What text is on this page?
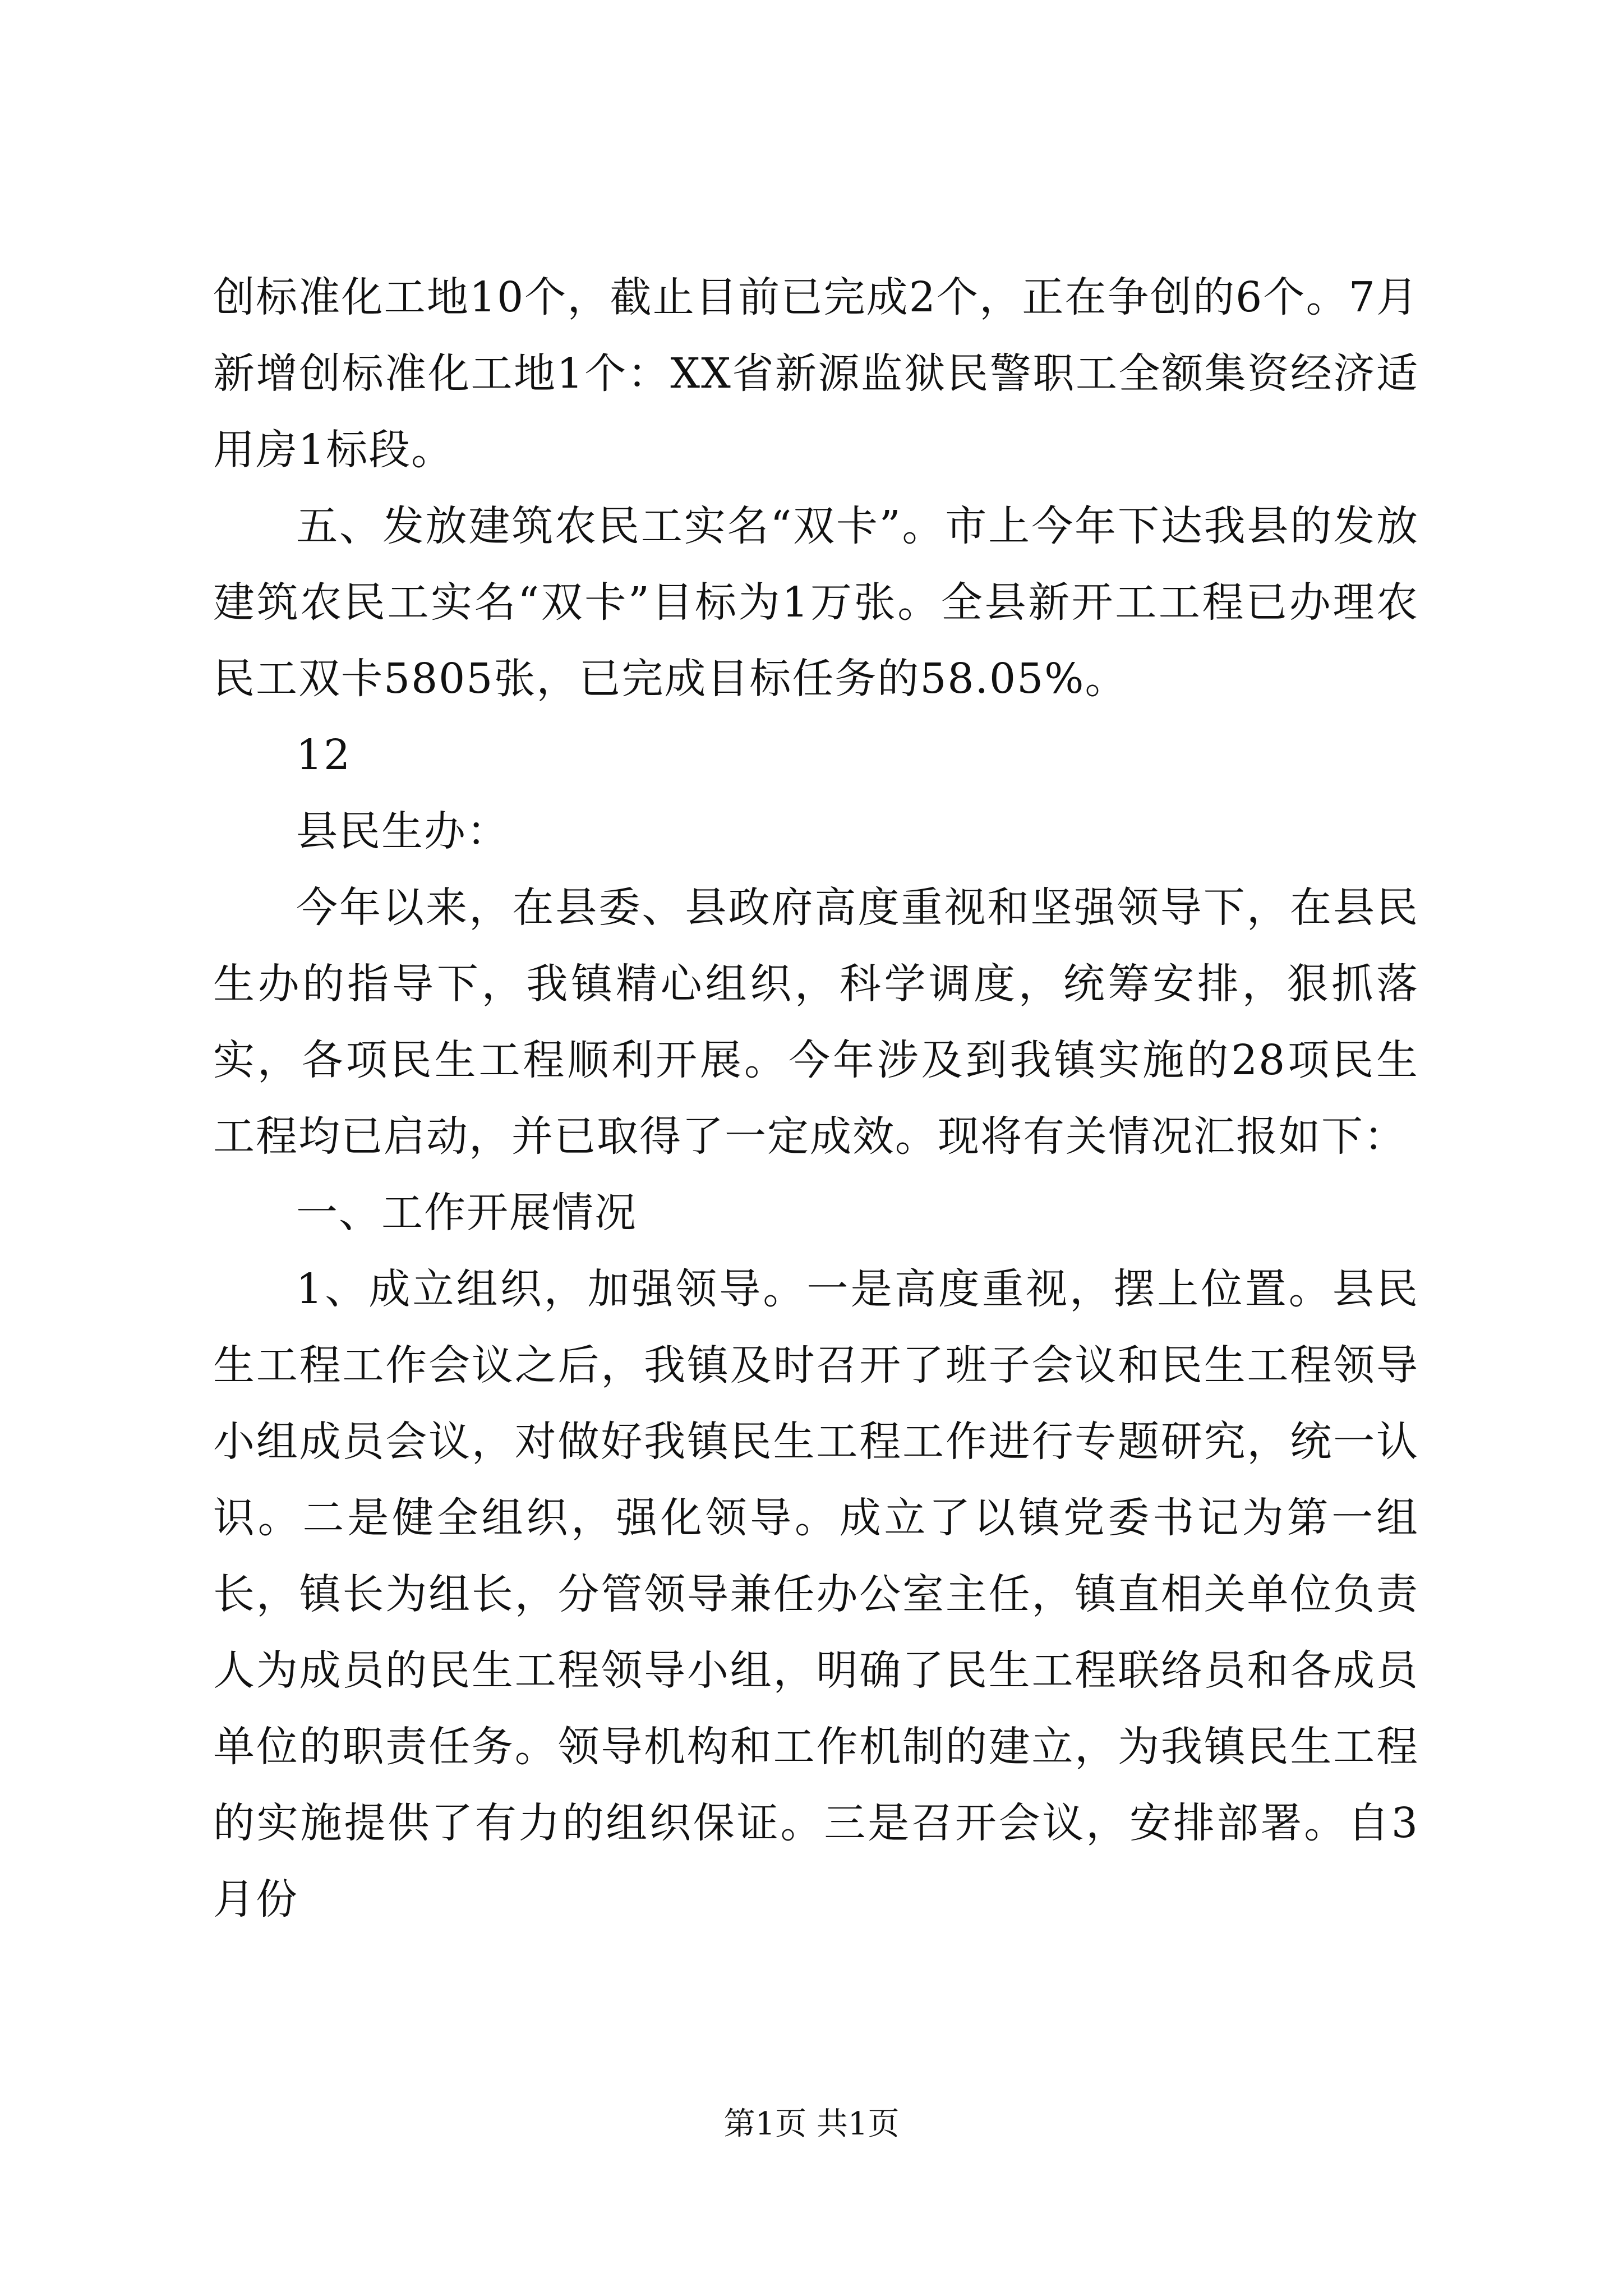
创标准化工地10个，截止目前已完成2个，正在争创的6个。7月新增创标准化工地1个：XX省新源监狱民警职工全额集资经济适用房1标段。

五、发放建筑农民工实名“双卡”。市上今年下达我县的发放建筑农民工实名“双卡”目标为1万张。全县新开工工程已办理农民工双卡5805张，已完成目标任务的58.05%。

12

县民生办：

今年以来，在县委、县政府高度重视和坚强领导下，在县民生办的指导下，我镇精心组织，科学调度，统筹安排，狠抓落实，各项民生工程顺利开展。今年涉及到我镇实施的28项民生工程均已启动，并已取得了一定成效。现将有关情况汇报如下：

一、工作开展情况

1、成立组织，加强领导。一是高度重视，摆上位置。县民生工程工作会议之后，我镇及时召开了班子会议和民生工程领导小组成员会议，对做好我镇民生工程工作进行专题研究，统一认识。二是健全组织，强化领导。成立了以镇党委书记为第一组长，镇长为组长，分管领导兼任办公室主任，镇直相关单位负责人为成员的民生工程领导小组，明确了民生工程联络员和各成员单位的职责任务。领导机构和工作机制的建立，为我镇民生工程的实施提供了有力的组织保证。三是召开会议，安排部署。自3月份

第1页 共1页
